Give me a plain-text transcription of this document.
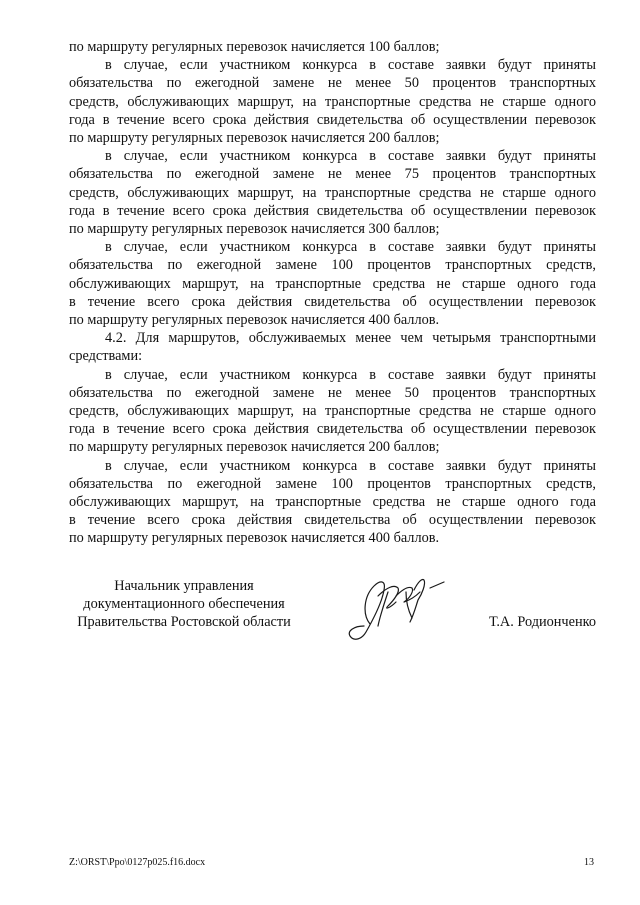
по маршруту регулярных перевозок начисляется 100 баллов;
в случае, если участником конкурса в составе заявки будут приняты
обязательства по ежегодной замене не менее 50 процентов транспортных
средств, обслуживающих маршрут, на транспортные средства не старше одного
года в течение всего срока действия свидетельства об осуществлении перевозок
по маршруту регулярных перевозок начисляется 200 баллов;
в случае, если участником конкурса в составе заявки будут приняты
обязательства по ежегодной замене не менее 75 процентов транспортных
средств, обслуживающих маршрут, на транспортные средства не старше одного
года в течение всего срока действия свидетельства об осуществлении перевозок
по маршруту регулярных перевозок начисляется 300 баллов;
в случае, если участником конкурса в составе заявки будут приняты
обязательства по ежегодной замене 100 процентов транспортных средств,
обслуживающих маршрут, на транспортные средства не старше одного года
в течение всего срока действия свидетельства об осуществлении перевозок
по маршруту регулярных перевозок начисляется 400 баллов.
4.2. Для маршрутов, обслуживаемых менее чем четырьмя транспортными
средствами:
в случае, если участником конкурса в составе заявки будут приняты
обязательства по ежегодной замене не менее 50 процентов транспортных
средств, обслуживающих маршрут, на транспортные средства не старше одного
года в течение всего срока действия свидетельства об осуществлении перевозок
по маршруту регулярных перевозок начисляется 200 баллов;
в случае, если участником конкурса в составе заявки будут приняты
обязательства по ежегодной замене 100 процентов транспортных средств,
обслуживающих маршрут, на транспортные средства не старше одного года
в течение всего срока действия свидетельства об осуществлении перевозок
по маршруту регулярных перевозок начисляется 400 баллов.
Начальник управления
документационного обеспечения
Правительства Ростовской области	Т.А. Родионченко
Z:\ORST\Ppo\0127p025.f16.docx	13
